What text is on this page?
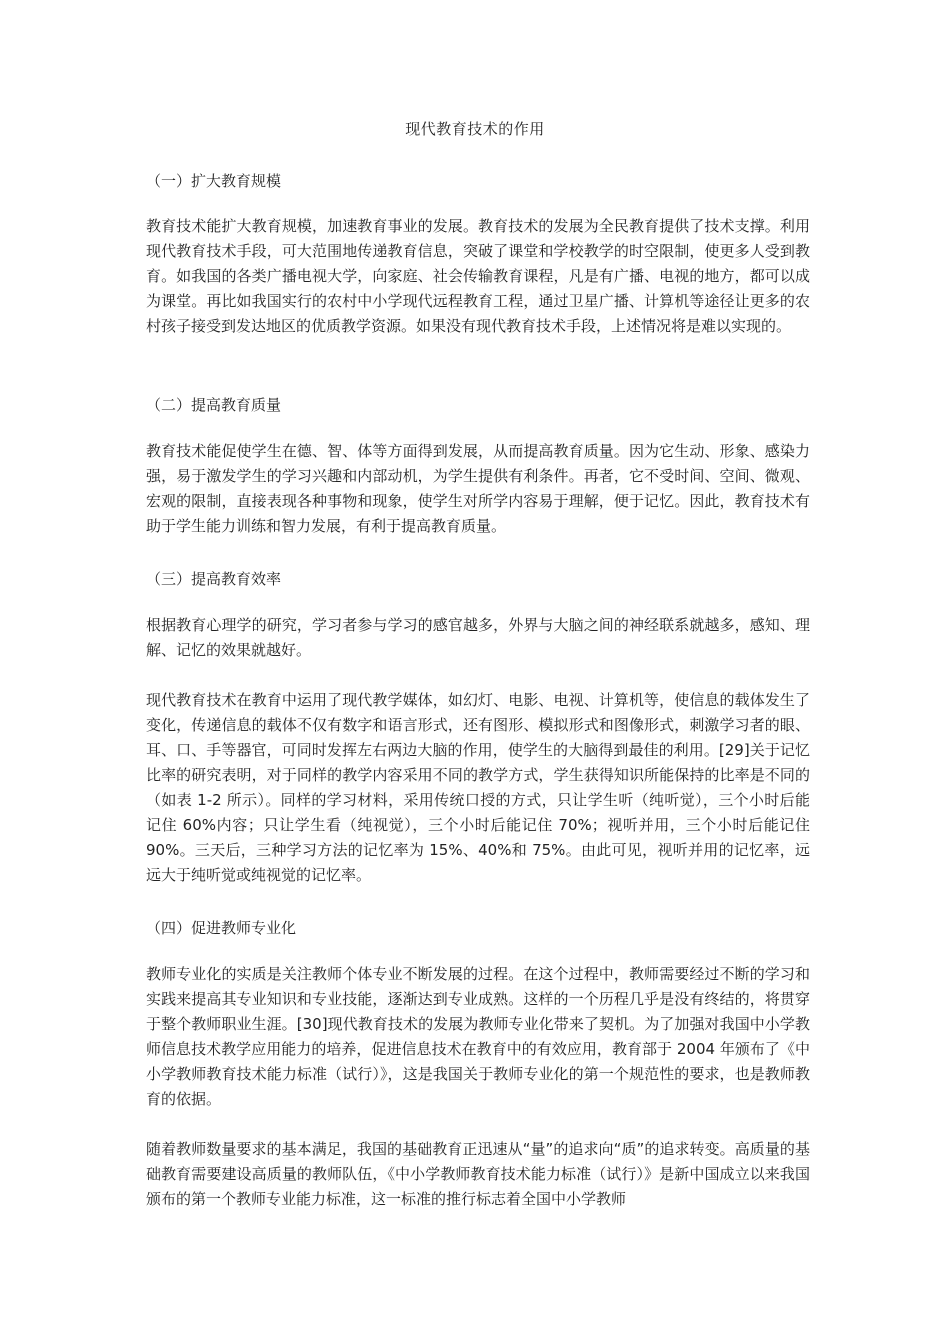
现代教育技术的作用
（一）扩大教育规模

教育技术能扩大教育规模，加速教育事业的发展。教育技术的发展为全民教育提供了技术支撑。利用现代教育技术手段，可大范围地传递教育信息，突破了课堂和学校教学的时空限制，使更多人受到教育。如我国的各类广播电视大学，向家庭、社会传输教育课程，凡是有广播、电视的地方，都可以成为课堂。再比如我国实行的农村中小学现代远程教育工程，通过卫星广播、计算机等途径让更多的农村孩子接受到发达地区的优质教学资源。如果没有现代教育技术手段，上述情况将是难以实现的。

（二）提高教育质量

教育技术能促使学生在德、智、体等方面得到发展，从而提高教育质量。因为它生动、形象、感染力强，易于激发学生的学习兴趣和内部动机，为学生提供有利条件。再者，它不受时间、空间、微观、宏观的限制，直接表现各种事物和现象，使学生对所学内容易于理解，便于记忆。因此，教育技术有助于学生能力训练和智力发展，有利于提高教育质量。

（三）提高教育效率

根据教育心理学的研究，学习者参与学习的感官越多，外界与大脑之间的神经联系就越多，感知、理解、记忆的效果就越好。

现代教育技术在教育中运用了现代教学媒体，如幻灯、电影、电视、计算机等，使信息的载体发生了变化，传递信息的载体不仅有数字和语言形式，还有图形、模拟形式和图像形式，刺激学习者的眼、耳、口、手等器官，可同时发挥左右两边大脑的作用，使学生的大脑得到最佳的利用。[29]关于记忆比率的研究表明，对于同样的教学内容采用不同的教学方式，学生获得知识所能保持的比率是不同的（如表 1-2 所示）。同样的学习材料，采用传统口授的方式，只让学生听（纯听觉），三个小时后能记住 60%内容；只让学生看（纯视觉），三个小时后能记住 70%；视听并用，三个小时后能记住 90%。三天后，三种学习方法的记忆率为 15%、40%和 75%。由此可见，视听并用的记忆率，远远大于纯听觉或纯视觉的记忆率。

（四）促进教师专业化

教师专业化的实质是关注教师个体专业不断发展的过程。在这个过程中，教师需要经过不断的学习和实践来提高其专业知识和专业技能，逐渐达到专业成熟。这样的一个历程几乎是没有终结的，将贯穿于整个教师职业生涯。[30]现代教育技术的发展为教师专业化带来了契机。为了加强对我国中小学教师信息技术教学应用能力的培养，促进信息技术在教育中的有效应用，教育部于 2004 年颁布了《中小学教师教育技术能力标准（试行）》，这是我国关于教师专业化的第一个规范性的要求，也是教师教育的依据。

随着教师数量要求的基本满足，我国的基础教育正迅速从“量”的追求向“质”的追求转变。高质量的基础教育需要建设高质量的教师队伍，《中小学教师教育技术能力标准（试行）》是新中国成立以来我国颁布的第一个教师专业能力标准，这一标准的推行标志着全国中小学教师
